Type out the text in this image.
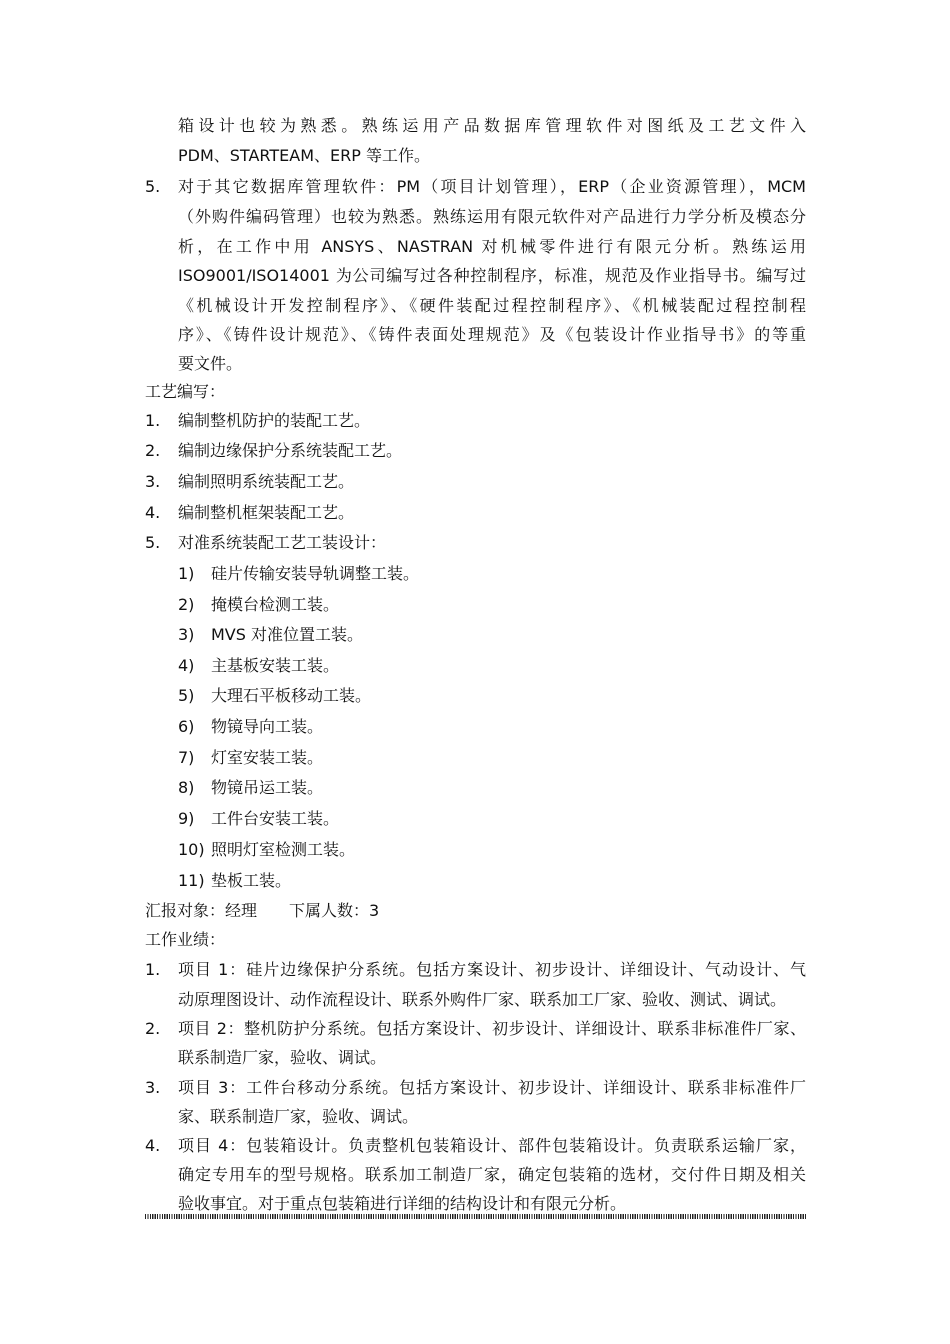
箱设计也较为熟悉。熟练运用产品数据库管理软件对图纸及工艺文件入
PDM、STARTEAM、ERP 等工作。
5. 对于其它数据库管理软件：PM（项目计划管理），ERP（企业资源管理），MCM
（外购件编码管理）也较为熟悉。熟练运用有限元软件对产品进行力学分析及模态分
析，在工作中用 ANSYS、NASTRAN 对机械零件进行有限元分析。熟练运用
ISO9001/ISO14001 为公司编写过各种控制程序，标准，规范及作业指导书。编写过
《机械设计开发控制程序》、《硬件装配过程控制程序》、《机械装配过程控制程
序》、《铸件设计规范》、《铸件表面处理规范》及《包装设计作业指导书》的等重
要文件。
工艺编写：
1. 编制整机防护的装配工艺。
2. 编制边缘保护分系统装配工艺。
3. 编制照明系统装配工艺。
4. 编制整机框架装配工艺。
5. 对准系统装配工艺工装设计：
1) 硅片传输安装导轨调整工装。
2) 掩模台检测工装。
3) MVS 对准位置工装。
4) 主基板安装工装。
5) 大理石平板移动工装。
6) 物镜导向工装。
7) 灯室安装工装。
8) 物镜吊运工装。
9) 工件台安装工装。
10) 照明灯室检测工装。
11) 垫板工装。
汇报对象：经理　　下属人数：3
工作业绩：
1. 项目 1：硅片边缘保护分系统。包括方案设计、初步设计、详细设计、气动设计、气
动原理图设计、动作流程设计、联系外购件厂家、联系加工厂家、验收、测试、调试。
2. 项目 2：整机防护分系统。包括方案设计、初步设计、详细设计、联系非标准件厂家、
联系制造厂家，验收、调试。
3. 项目 3：工件台移动分系统。包括方案设计、初步设计、详细设计、联系非标准件厂
家、联系制造厂家，验收、调试。
4. 项目 4：包装箱设计。负责整机包装箱设计、部件包装箱设计。负责联系运输厂家，
确定专用车的型号规格。联系加工制造厂家，确定包装箱的选材，交付件日期及相关
验收事宜。对于重点包装箱进行详细的结构设计和有限元分析。
